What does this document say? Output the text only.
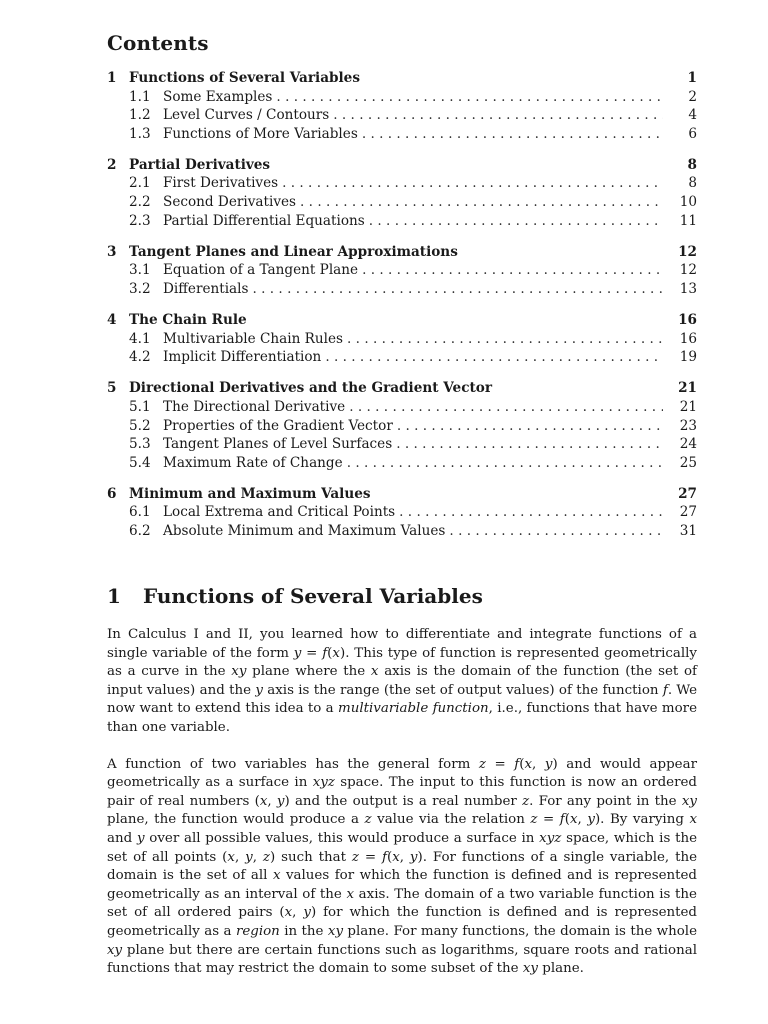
Contents
1 Functions of Several Variables	1
1.1 Some Examples . . .	2
1.2 Level Curves / Contours . . .	4
1.3 Functions of More Variables . . .	6
2 Partial Derivatives	8
2.1 First Derivatives . . .	8
2.2 Second Derivatives . . .	10
2.3 Partial Differential Equations . . .	11
3 Tangent Planes and Linear Approximations	12
3.1 Equation of a Tangent Plane . . .	12
3.2 Differentials . . .	13
4 The Chain Rule	16
4.1 Multivariable Chain Rules . . .	16
4.2 Implicit Differentiation . . .	19
5 Directional Derivatives and the Gradient Vector	21
5.1 The Directional Derivative . . .	21
5.2 Properties of the Gradient Vector . . .	23
5.3 Tangent Planes of Level Surfaces . . .	24
5.4 Maximum Rate of Change . . .	25
6 Minimum and Maximum Values	27
6.1 Local Extrema and Critical Points . . .	27
6.2 Absolute Minimum and Maximum Values . . .	31
1	Functions of Several Variables

In Calculus I and II, you learned how to differentiate and integrate functions of a single variable of the form y = f(x). This type of function is represented geometrically as a curve in the xy plane where the x axis is the domain of the function (the set of input values) and the y axis is the range (the set of output values) of the function f. We now want to extend this idea to a multivariable function, i.e., functions that have more than one variable.

A function of two variables has the general form z = f(x, y) and would appear geometrically as a surface in xyz space. The input to this function is now an ordered pair of real numbers (x, y) and the output is a real number z. For any point in the xy plane, the function would produce a z value via the relation z = f(x, y). By varying x and y over all possible values, this would produce a surface in xyz space, which is the set of all points (x, y, z) such that z = f(x, y). For functions of a single variable, the domain is the set of all x values for which the function is defined and is represented geometrically as an interval of the x axis. The domain of a two variable function is the set of all ordered pairs (x, y) for which the function is defined and is represented geometrically as a region in the xy plane. For many functions, the domain is the whole xy plane but there are certain functions such as logarithms, square roots and rational functions that may restrict the domain to some subset of the xy plane.
